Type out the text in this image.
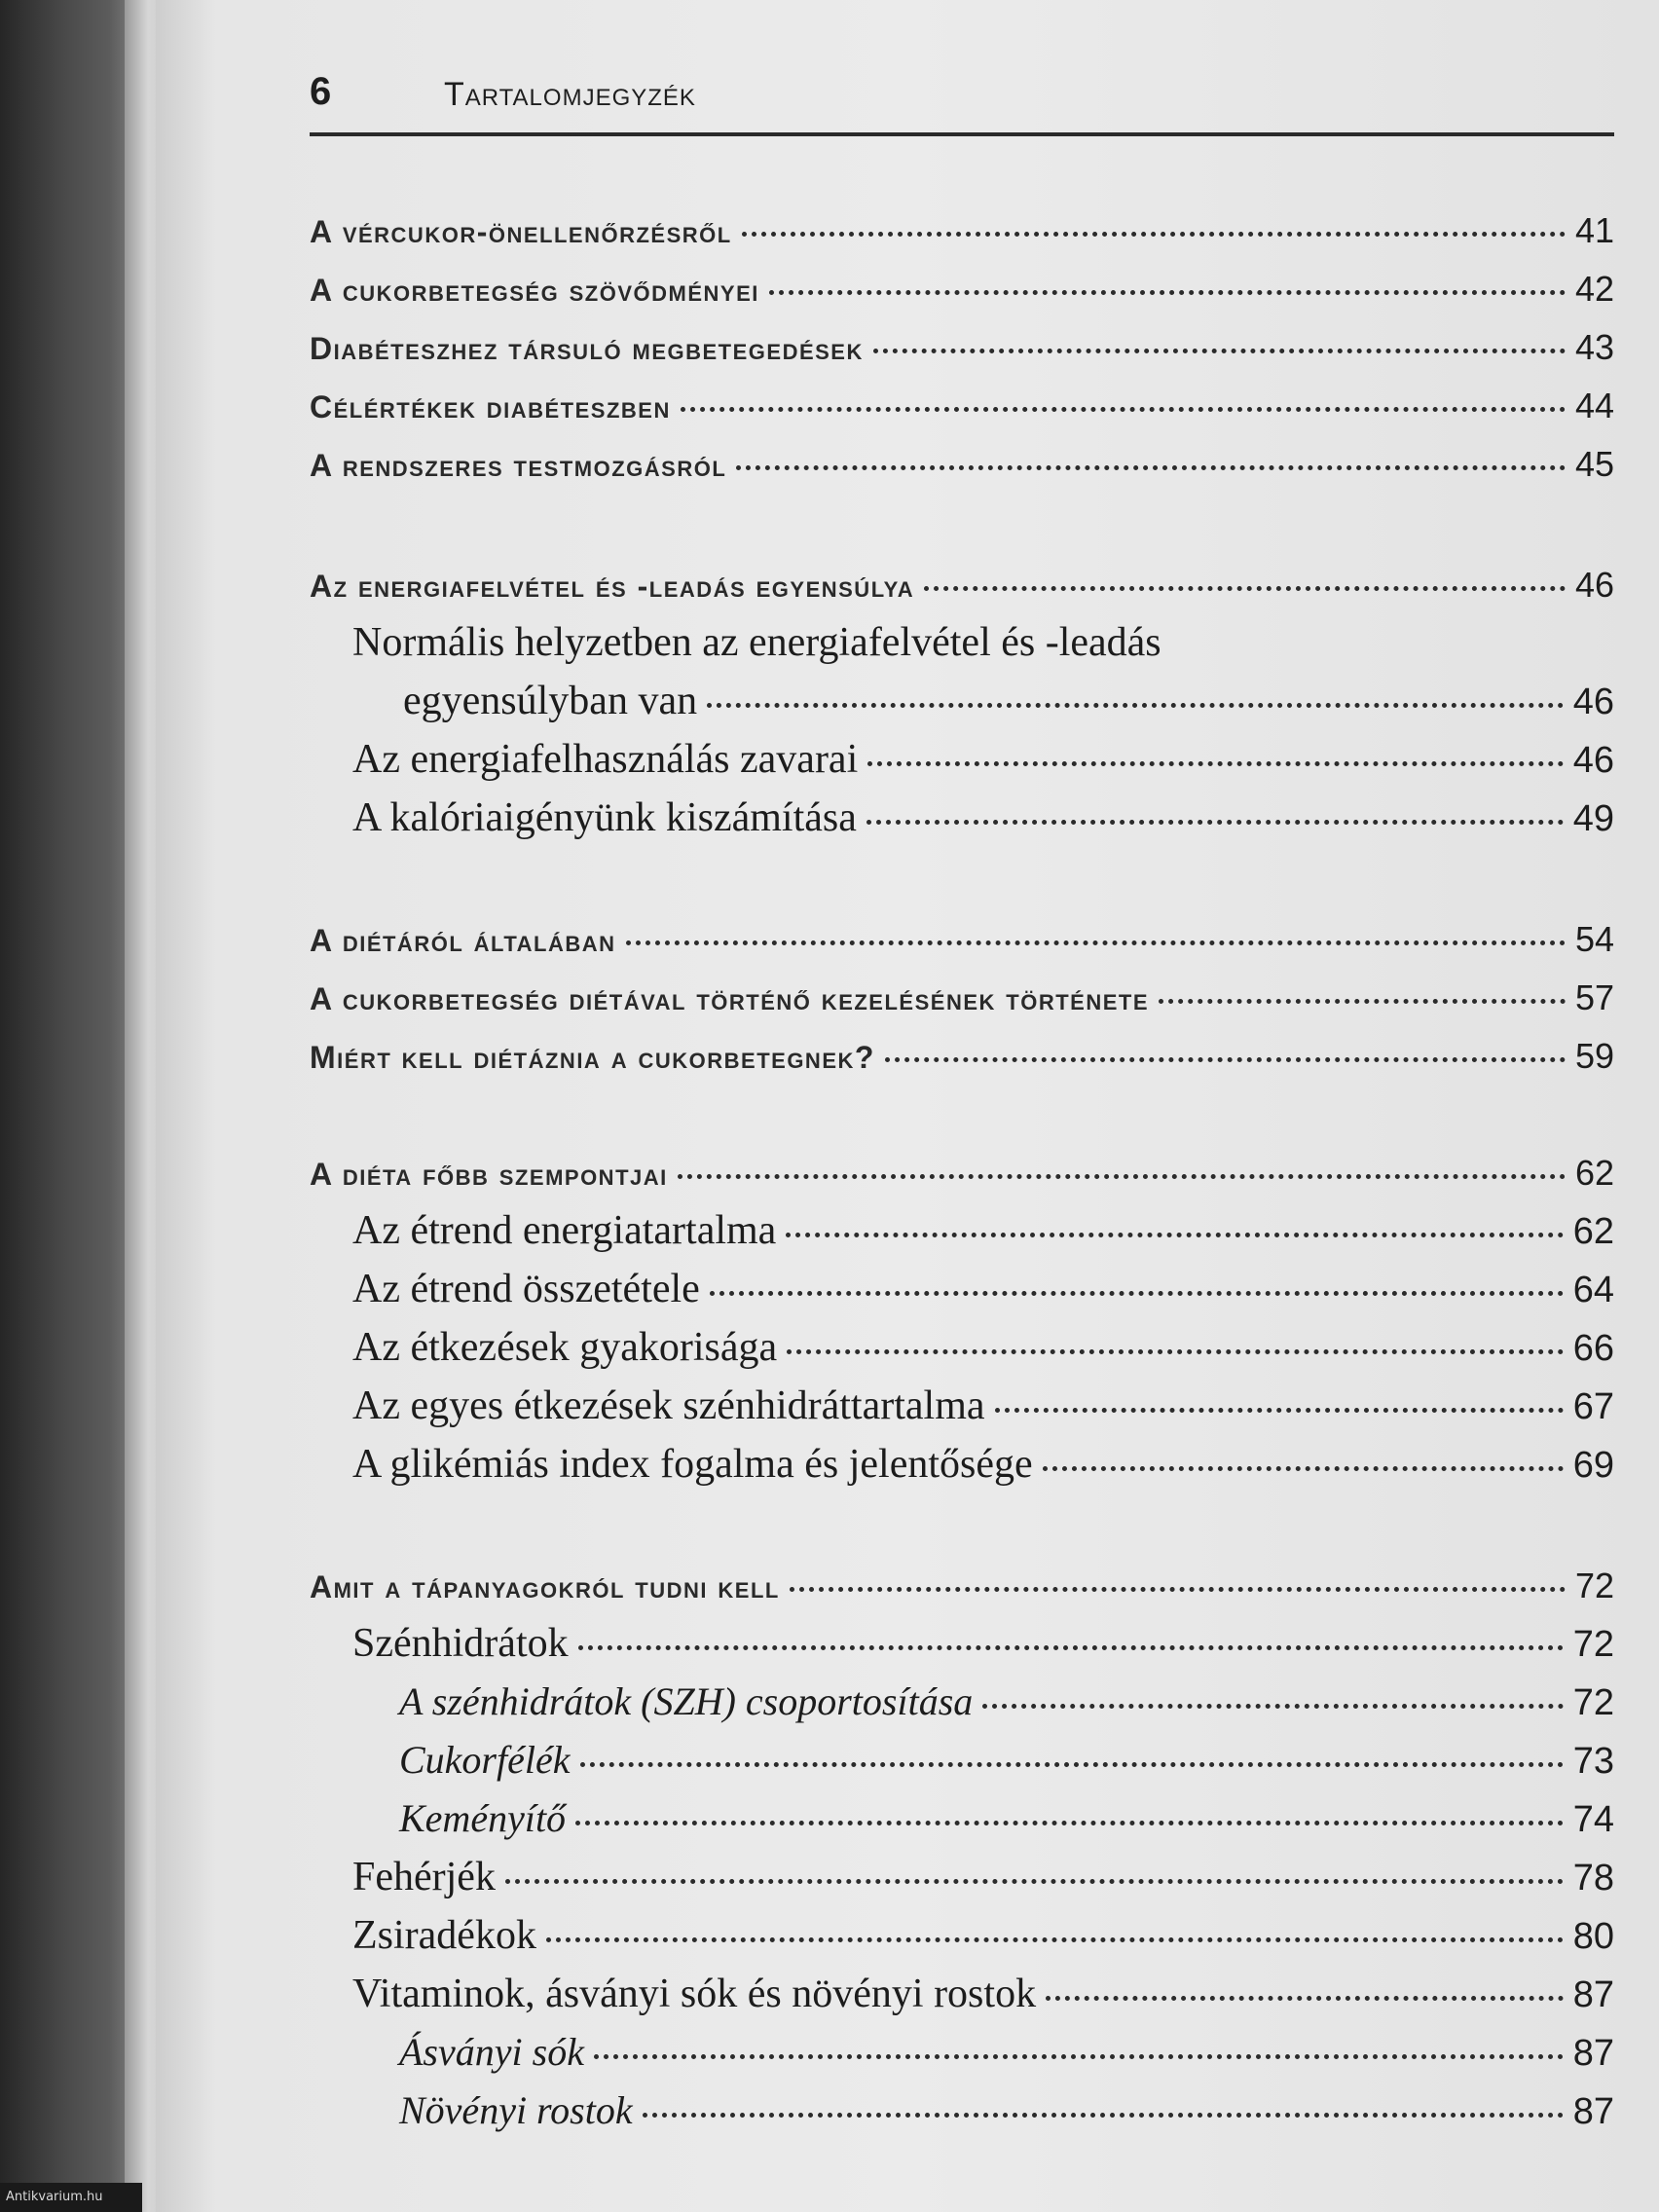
6	Tartalomjegyzék
A vércukor-önellenőrzésről	41
A cukorbetegség szövődményei	42
Diabéteszhez társuló megbetegedések	43
Célértékek diabéteszben	44
A rendszeres testmozgásról	45
Az energiafelvétel és -leadás egyensúlya	46
Normális helyzetben az energiafelvétel és -leadás
egyensúlyban van	46
Az energiafelhasználás zavarai	46
A kalóriaigényünk kiszámítása	49
A diétáról általában	54
A cukorbetegség diétával történő kezelésének története	57
Miért kell diétáznia a cukorbetegnek?	59
A diéta főbb szempontjai	62
Az étrend energiatartalma	62
Az étrend összetétele	64
Az étkezések gyakorisága	66
Az egyes étkezések szénhidráttartalma	67
A glikémiás index fogalma és jelentősége	69
Amit a tápanyagokról tudni kell	72
Szénhidrátok	72
A szénhidrátok (SZH) csoportosítása	72
Cukorfélék	73
Keményítő	74
Fehérjék	78
Zsiradékok	80
Vitaminok, ásványi sók és növényi rostok	87
Ásványi sók	87
Növényi rostok	87
Antikvarium.hu
